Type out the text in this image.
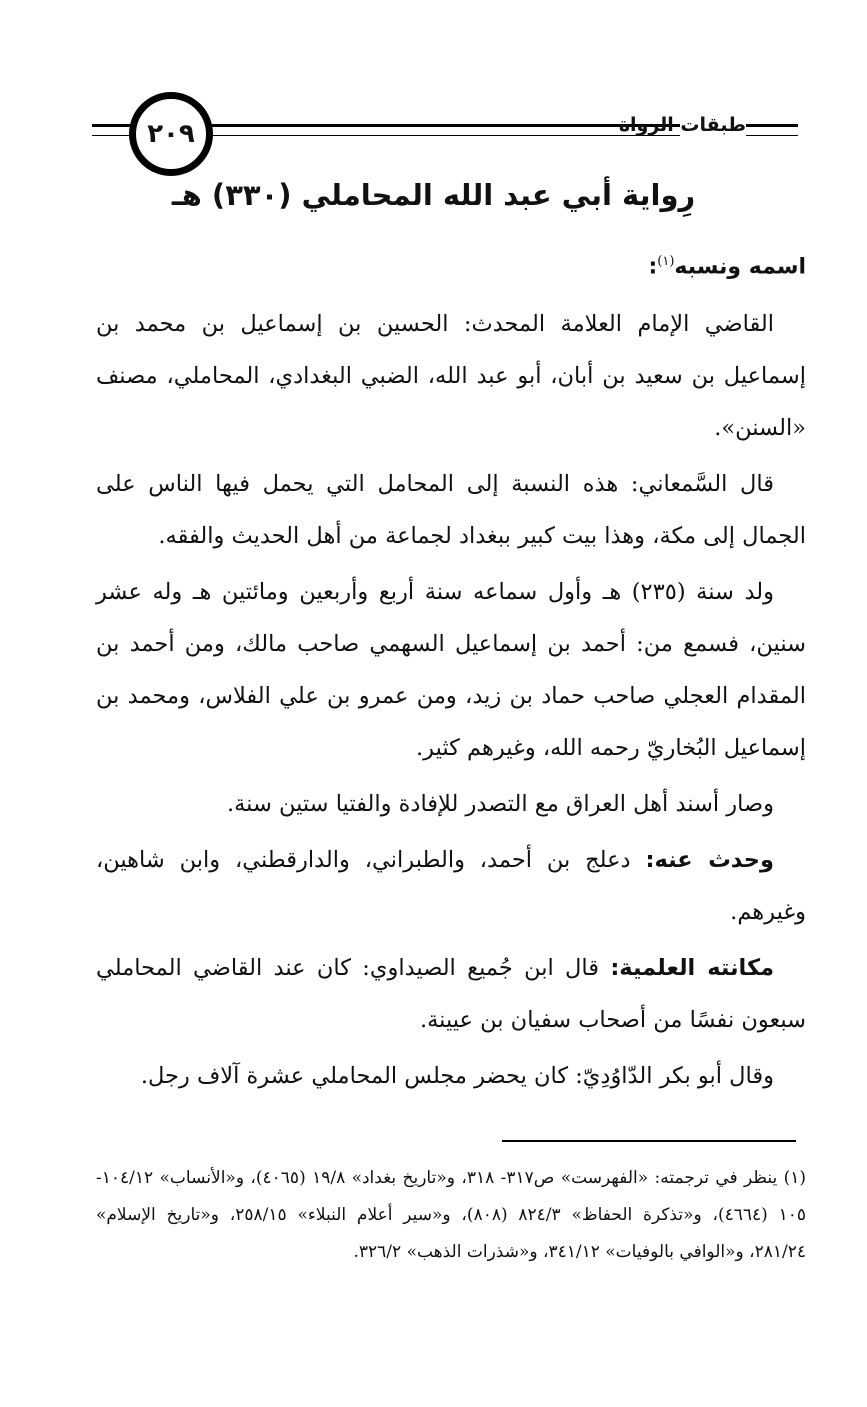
٢٠٩	طبقات الرواة
رِواية أبي عبد الله المحاملي (٣٣٠) هـ

اسمه ونسبه$^{(١)}$:

القاضي الإمام العلامة المحدث: الحسين بن إسماعيل بن محمد بن إسماعيل بن سعيد بن أبان، أبو عبد الله، الضبي البغدادي، المحاملي، مصنف «السنن».

قال السَّمعاني: هذه النسبة إلى المحامل التي يحمل فيها الناس على الجمال إلى مكة، وهذا بيت كبير ببغداد لجماعة من أهل الحديث والفقه.

ولد سنة (٢٣٥) هـ وأول سماعه سنة أربع وأربعين ومائتين هـ وله عشر سنين، فسمع من: أحمد بن إسماعيل السهمي صاحب مالك، ومن أحمد بن المقدام العجلي صاحب حماد بن زيد، ومن عمرو بن علي الفلاس، ومحمد بن إسماعيل البُخاريّ رحمه الله، وغيرهم كثير.

وصار أسند أهل العراق مع التصدر للإفادة والفتيا ستين سنة.

وحدث عنه: دعلج بن أحمد، والطبراني، والدارقطني، وابن شاهين، وغيرهم.

مكانته العلمية: قال ابن جُميع الصيداوي: كان عند القاضي المحاملي سبعون نفسًا من أصحاب سفيان بن عيينة.

وقال أبو بكر الدّاوُدِيّ: كان يحضر مجلس المحاملي عشرة آلاف رجل.

(١) ينظر في ترجمته: «الفهرست» ص٣١٧- ٣١٨، و«تاريخ بغداد» ١٩/٨ (٤٠٦٥)، و«الأنساب» ١٠٤/١٢- ١٠٥ (٤٦٦٤)، و«تذكرة الحفاظ» ٨٢٤/٣ (٨٠٨)، و«سير أعلام النبلاء» ٢٥٨/١٥، و«تاريخ الإسلام» ٢٨١/٢٤، و«الوافي بالوفيات» ٣٤١/١٢، و«شذرات الذهب» ٣٢٦/٢.
